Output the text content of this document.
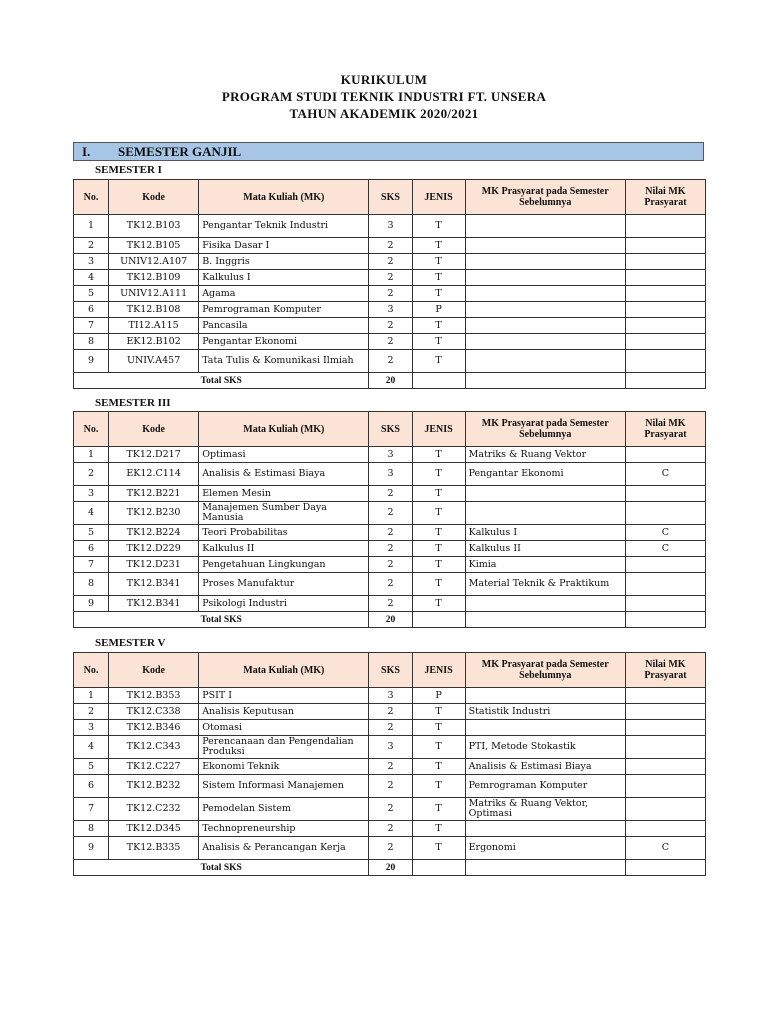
KURIKULUM
PROGRAM STUDI TEKNIK INDUSTRI FT. UNSERA
TAHUN AKADEMIK 2020/2021
I.	SEMESTER GANJIL
SEMESTER I
No.	Kode	Mata Kuliah (MK)	SKS	JENIS	MK Prasyarat pada Semester Sebelumnya	Nilai MK Prasyarat
1	TK12.B103	Pengantar Teknik Industri	3	T		
2	TK12.B105	Fisika Dasar I	2	T		
3	UNIV12.A107	B. Inggris	2	T		
4	TK12.B109	Kalkulus I	2	T		
5	UNIV12.A111	Agama	2	T		
6	TK12.B108	Pemrograman Komputer	3	P		
7	TI12.A115	Pancasila	2	T		
8	EK12.B102	Pengantar Ekonomi	2	T		
9	UNIV.A457	Tata Tulis & Komunikasi Ilmiah	2	T		
Total SKS			20			
SEMESTER III
No.	Kode	Mata Kuliah (MK)	SKS	JENIS	MK Prasyarat pada Semester Sebelumnya	Nilai MK Prasyarat
1	TK12.D217	Optimasi	3	T	Matriks & Ruang Vektor	
2	EK12.C114	Analisis & Estimasi Biaya	3	T	Pengantar Ekonomi	C
3	TK12.B221	Elemen Mesin	2	T		
4	TK12.B230	Manajemen Sumber Daya Manusia	2	T		
5	TK12.B224	Teori Probabilitas	2	T	Kalkulus I	C
6	TK12.D229	Kalkulus II	2	T	Kalkulus II	C
7	TK12.D231	Pengetahuan Lingkungan	2	T	Kimia	
8	TK12.B341	Proses Manufaktur	2	T	Material Teknik & Praktikum	
9	TK12.B341	Psikologi Industri	2	T		
Total SKS			20			
SEMESTER V
No.	Kode	Mata Kuliah (MK)	SKS	JENIS	MK Prasyarat pada Semester Sebelumnya	Nilai MK Prasyarat
1	TK12.B353	PSIT I	3	P		
2	TK12.C338	Analisis Keputusan	2	T	Statistik Industri	
3	TK12.B346	Otomasi	2	T		
4	TK12.C343	Perencanaan dan Pengendalian Produksi	3	T	PTI, Metode Stokastik	
5	TK12.C227	Ekonomi Teknik	2	T	Analisis & Estimasi Biaya	
6	TK12.B232	Sistem Informasi Manajemen	2	T	Pemrograman Komputer	
7	TK12.C232	Pemodelan Sistem	2	T	Matriks & Ruang Vektor, Optimasi	
8	TK12.D345	Technopreneurship	2	T		
9	TK12.B335	Analisis & Perancangan Kerja	2	T	Ergonomi	C
Total SKS			20			
